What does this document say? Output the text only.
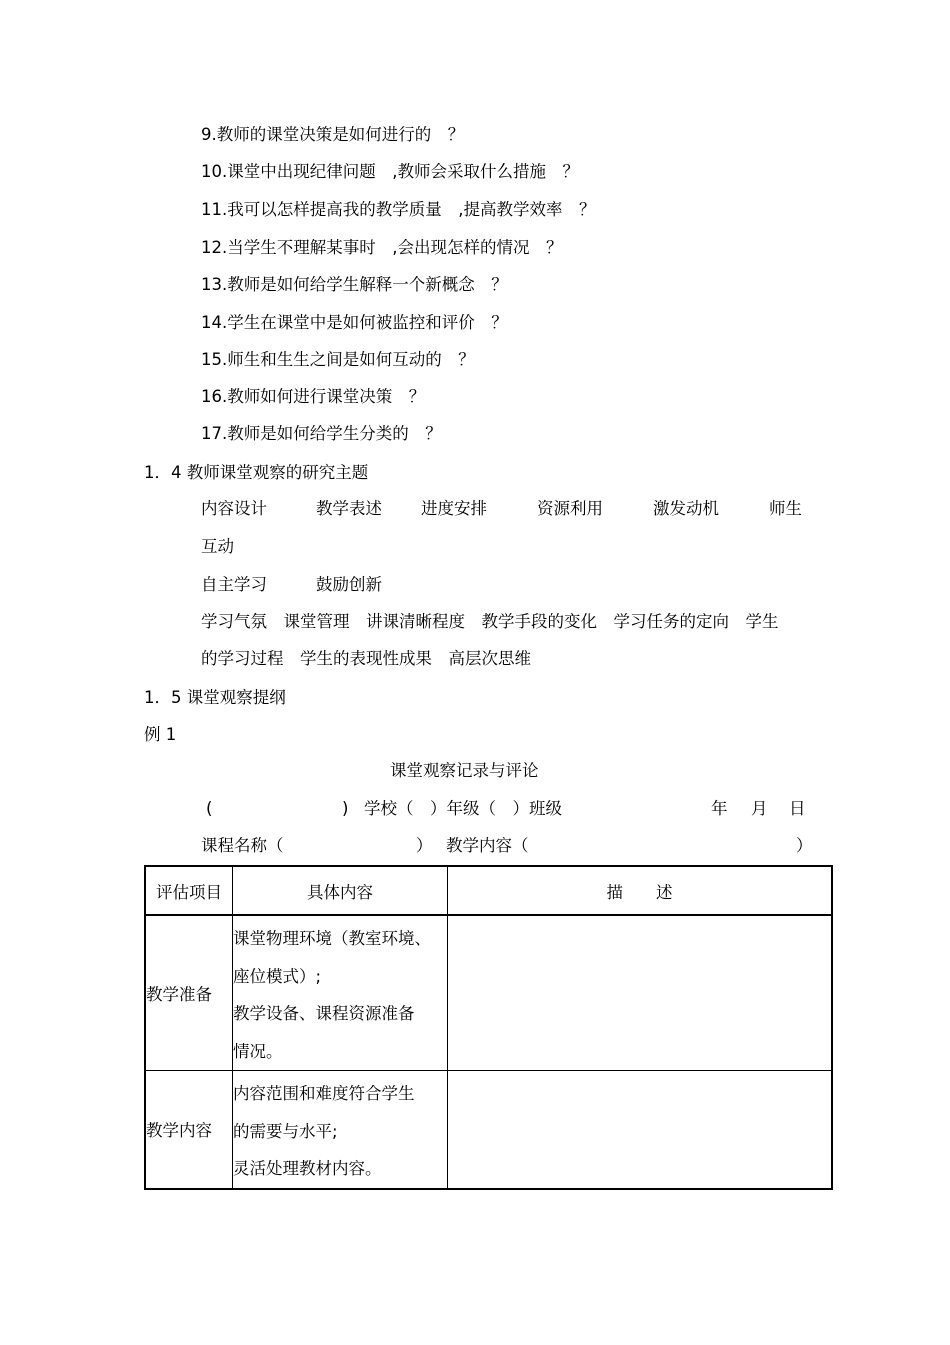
9.教师的课堂决策是如何进行的　？
10.课堂中出现纪律问题　,教师会采取什么措施　？
11.我可以怎样提高我的教学质量　,提高教学效率　？
12.当学生不理解某事时　,会出现怎样的情况　？
13.教师是如何给学生解释一个新概念　？
14.学生在课堂中是如何被监控和评价　？
15.师生和生生之间是如何互动的　？
16.教师如何进行课堂决策　？
17.教师是如何给学生分类的　？
1．4 教师课堂观察的研究主题
内容设计	教学表述 进度安排	资源利用	激发动机	师生
互动
自主学习	鼓励创新
学习气氛　课堂管理　讲课清晰程度　教学手段的变化　学习任务的定向　学生
的学习过程　学生的表现性成果　高层次思维
1．5 课堂观察提纲
例 1
课堂观察记录与评论
(	) 学校（　）年级（　）班级	年 月 日
课程名称（	） 教学内容（	）
评估项目	具体内容	描　　述
教学准备	课堂物理环境（教室环境、
座位模式）;
教学设备、课程资源准备
情况。	

教学内容	内容范围和难度符合学生
的需要与水平;
灵活处理教材内容。	
